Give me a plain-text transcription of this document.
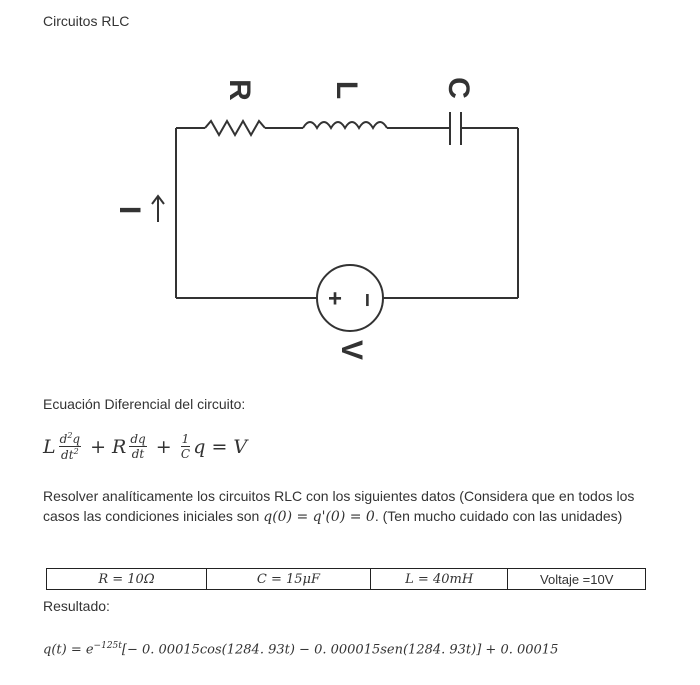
Circuitos RLC
R L	C
I
V
+ −
Ecuación Diferencial del circuito:
L $\frac{d^2q}{dt^2} + R \frac{dq}{dt} + \frac{1}{C}$ q = V
Resolver analíticamente los circuitos RLC con los siguientes datos (Considera que en todos los casos las condiciones iniciales son q(0) = q'(0) = 0. (Ten mucho cuidado con las unidades)
R = 10Ω	C = 15μF	L = 40mH	Voltaje =10V
Resultado:
$q(t) = e^{-125t}[- 0$. 00015cos(1284. 93t) − 0. 000015sen(1284. 93t)] + 0. 00015
